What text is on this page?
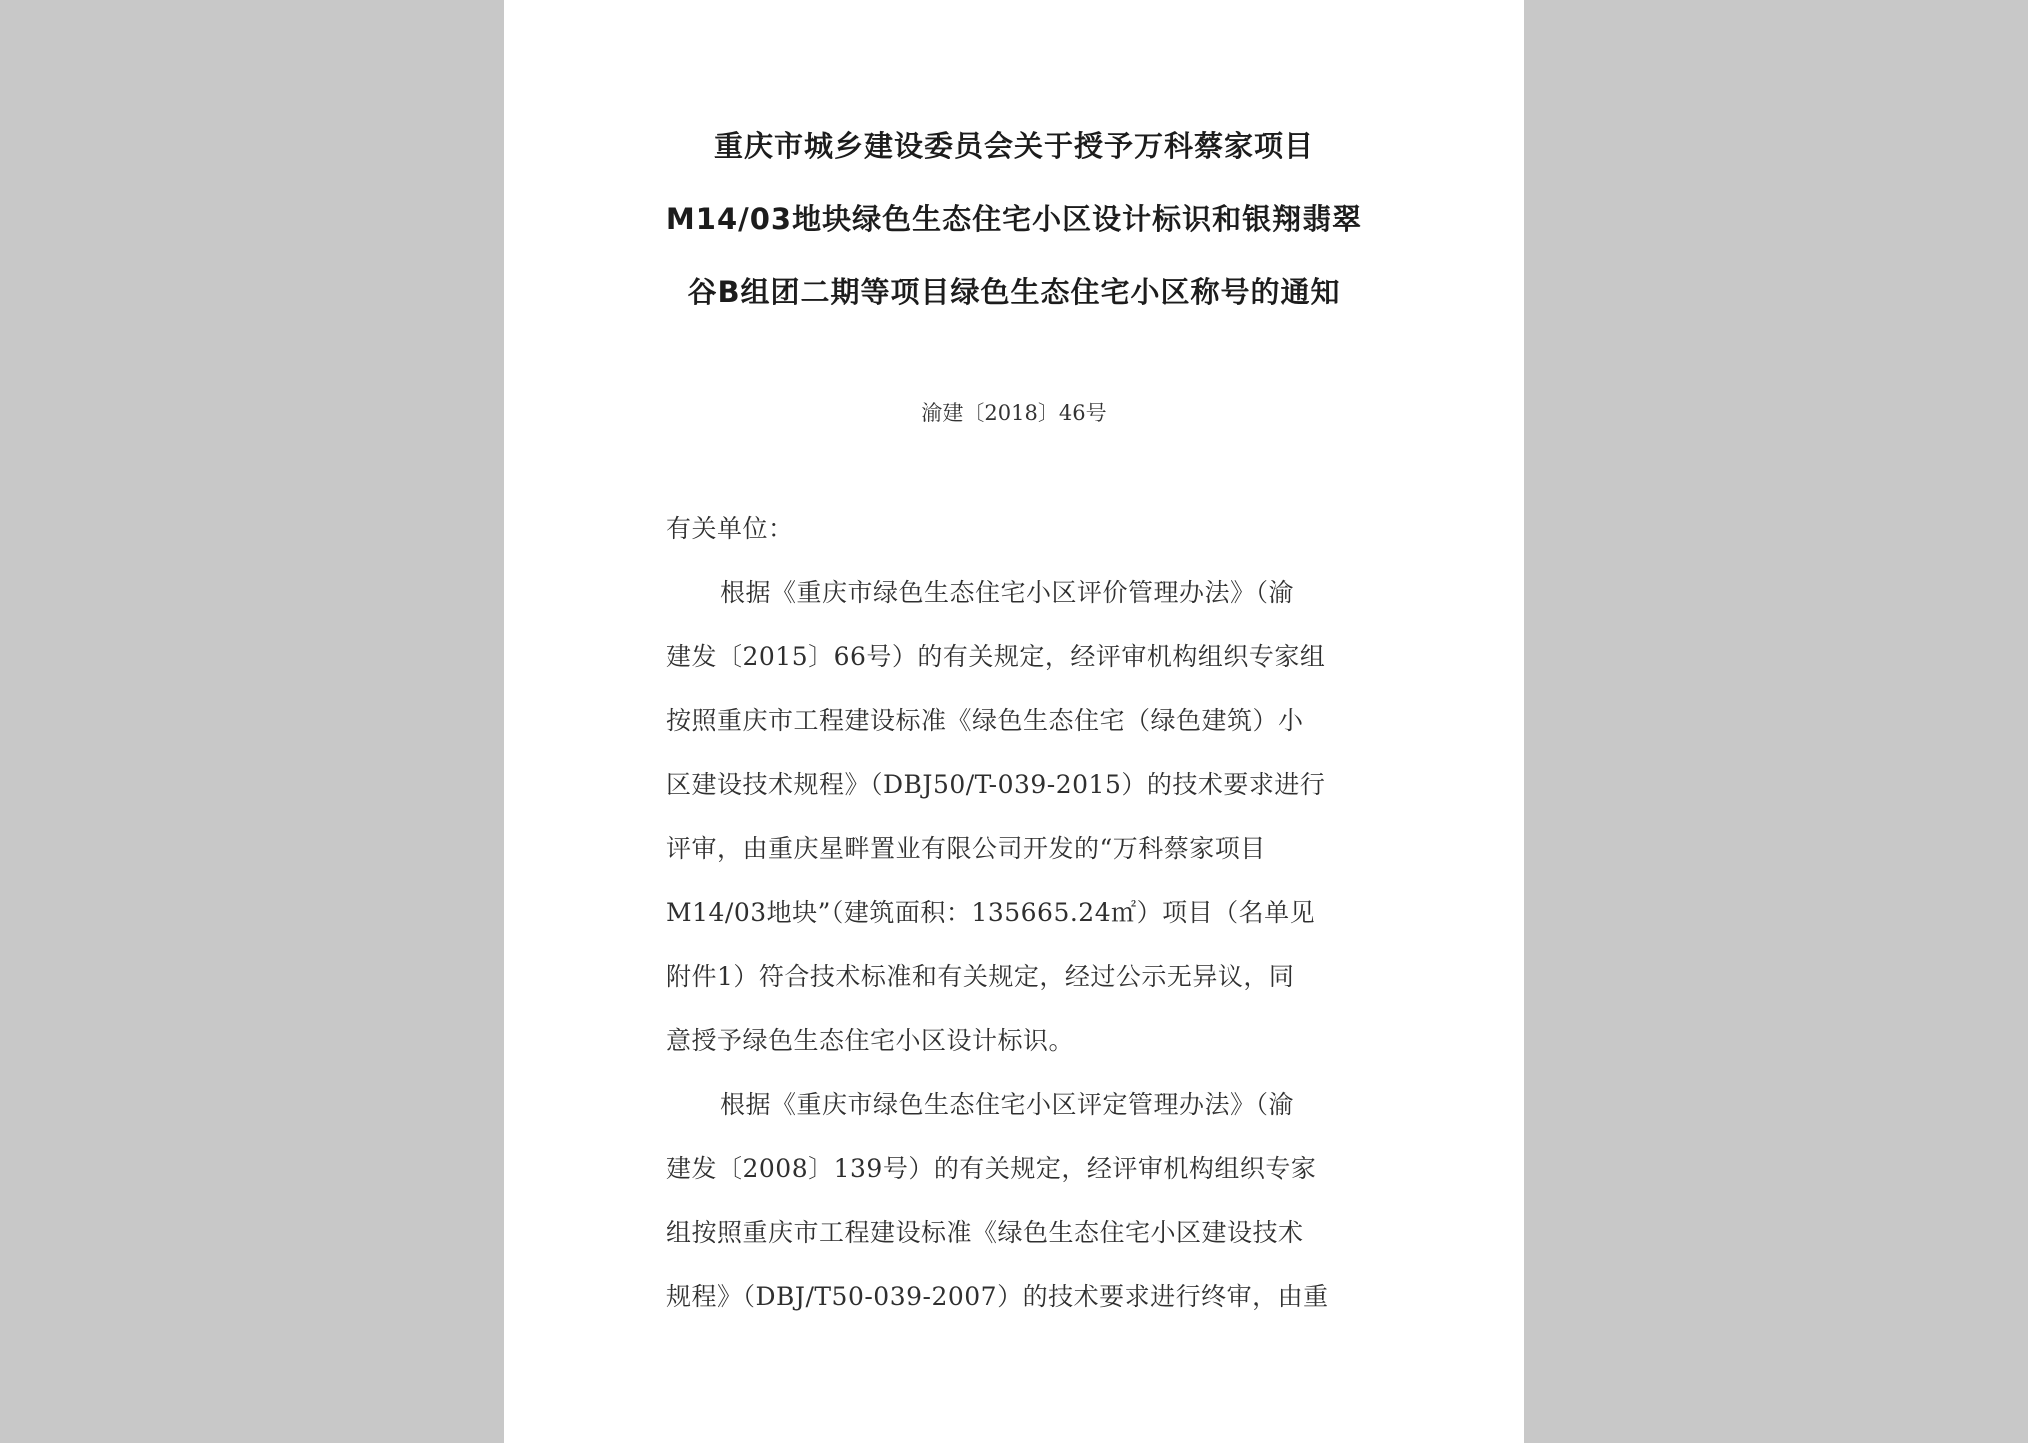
重庆市城乡建设委员会关于授予万科蔡家项目
M14/03地块绿色生态住宅小区设计标识和银翔翡翠
谷B组团二期等项目绿色生态住宅小区称号的通知
渝建〔2018〕46号
有关单位：
根据《重庆市绿色生态住宅小区评价管理办法》（渝
建发〔2015〕66号）的有关规定，经评审机构组织专家组
按照重庆市工程建设标准《绿色生态住宅（绿色建筑）小
区建设技术规程》（DBJ50/T-039-2015）的技术要求进行
评审，由重庆星畔置业有限公司开发的“万科蔡家项目
M14/03地块”（建筑面积：135665.24㎡）项目（名单见
附件1）符合技术标准和有关规定，经过公示无异议，同
意授予绿色生态住宅小区设计标识。
根据《重庆市绿色生态住宅小区评定管理办法》（渝
建发〔2008〕139号）的有关规定，经评审机构组织专家
组按照重庆市工程建设标准《绿色生态住宅小区建设技术
规程》（DBJ/T50-039-2007）的技术要求进行终审，由重
